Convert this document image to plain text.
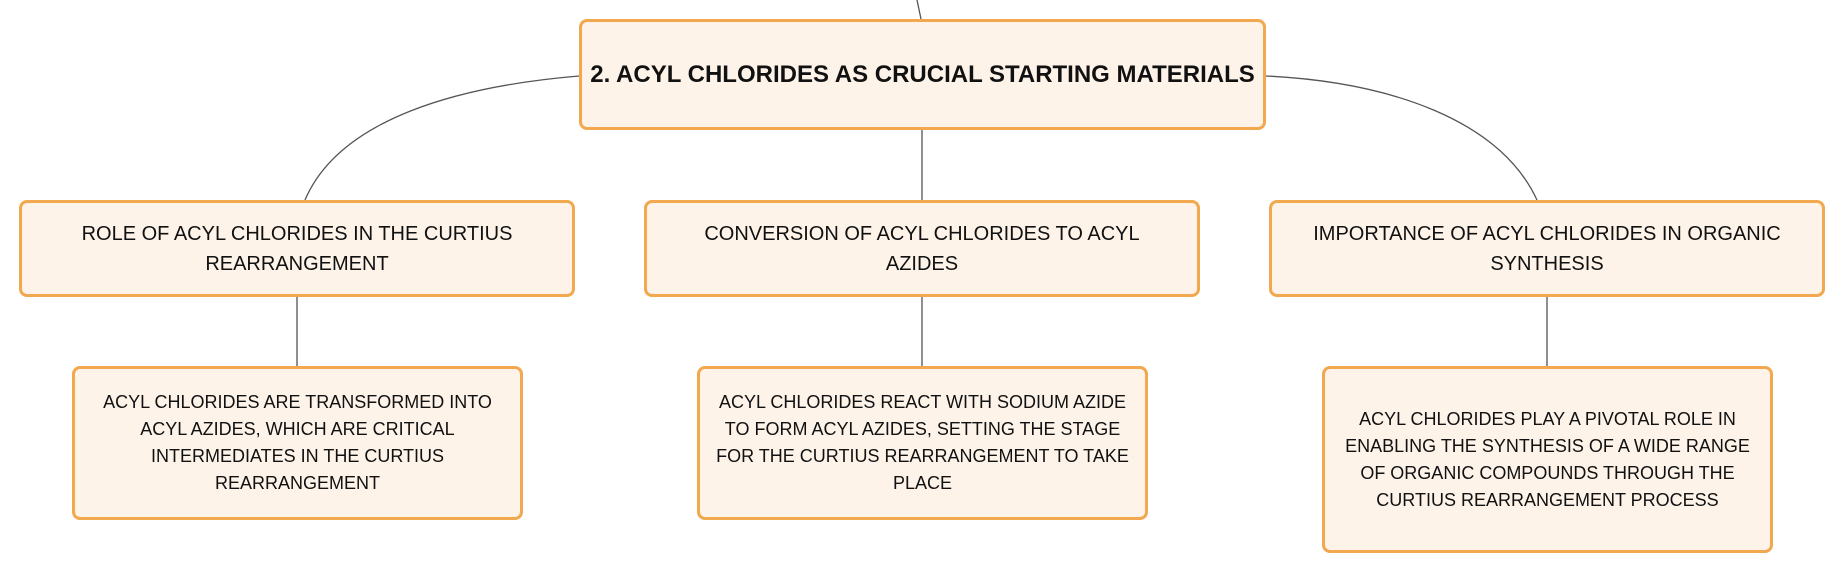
2. ACYL CHLORIDES AS CRUCIAL STARTING MATERIALS
ROLE OF ACYL CHLORIDES IN THE CURTIUS REARRANGEMENT
CONVERSION OF ACYL CHLORIDES TO ACYL AZIDES
IMPORTANCE OF ACYL CHLORIDES IN ORGANIC SYNTHESIS
ACYL CHLORIDES ARE TRANSFORMED INTO ACYL AZIDES, WHICH ARE CRITICAL INTERMEDIATES IN THE CURTIUS REARRANGEMENT
ACYL CHLORIDES REACT WITH SODIUM AZIDE TO FORM ACYL AZIDES, SETTING THE STAGE FOR THE CURTIUS REARRANGEMENT TO TAKE PLACE
ACYL CHLORIDES PLAY A PIVOTAL ROLE IN ENABLING THE SYNTHESIS OF A WIDE RANGE OF ORGANIC COMPOUNDS THROUGH THE CURTIUS REARRANGEMENT PROCESS
